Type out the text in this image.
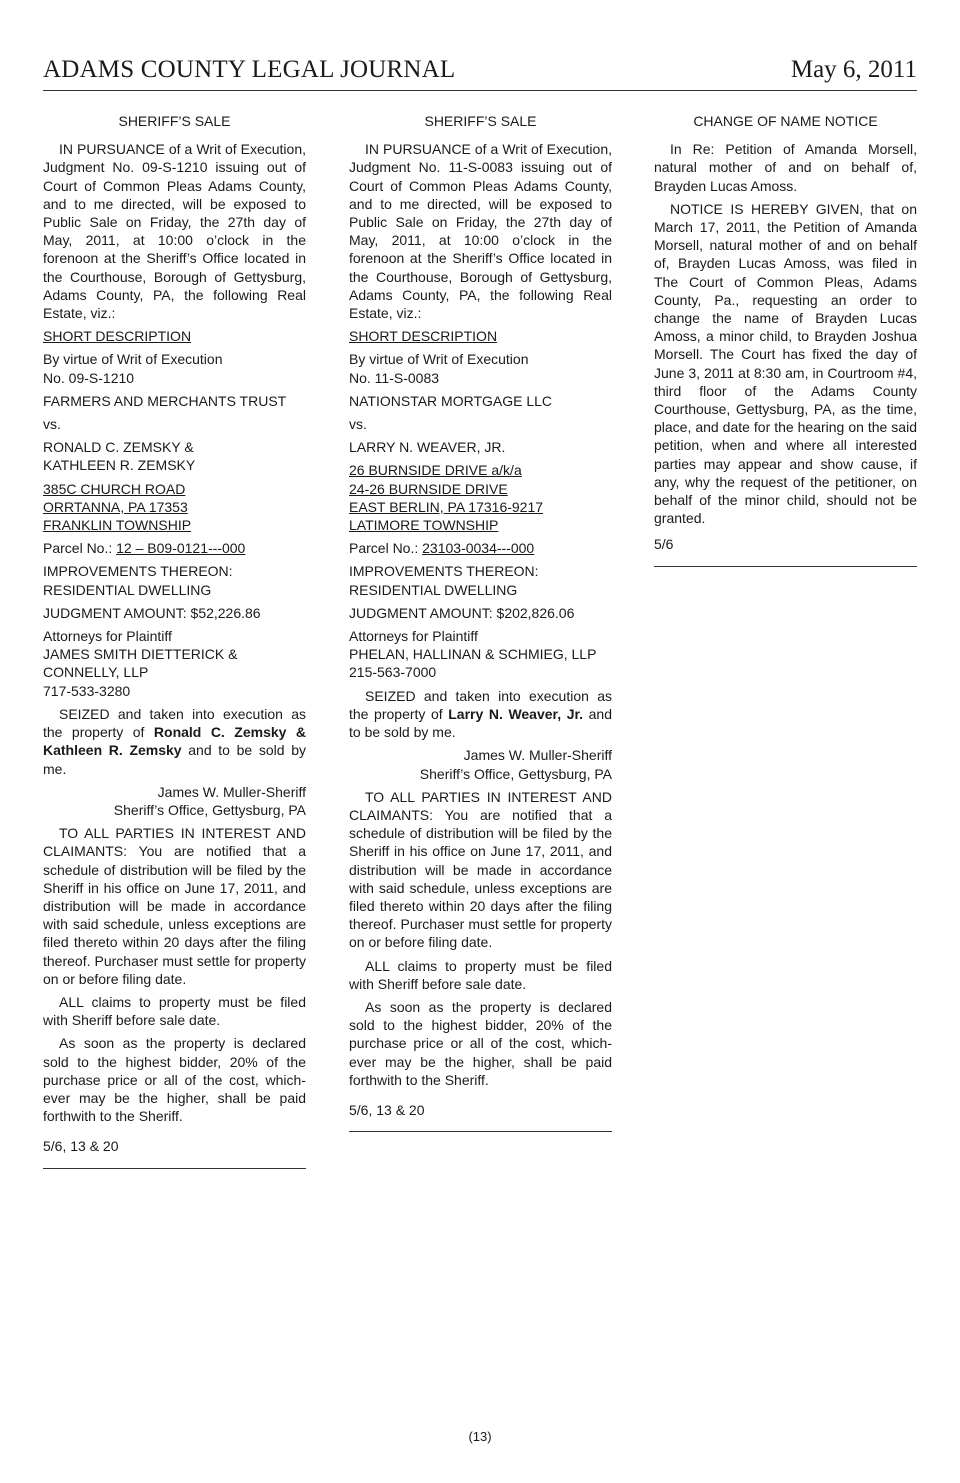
ADAMS COUNTY LEGAL JOURNAL	May 6, 2011

SHERIFF’S SALE

IN PURSUANCE of a Writ of Execution, Judgment No. 09-S-1210 issuing out of Court of Common Pleas Adams County, and to me directed, will be exposed to Public Sale on Friday, the 27th day of May, 2011, at 10:00 o’clock in the forenoon at the Sheriff’s Office located in the Courthouse, Borough of Gettysburg, Adams County, PA, the following Real Estate, viz.:

SHORT DESCRIPTION

By virtue of Writ of Execution
No. 09-S-1210

FARMERS AND MERCHANTS TRUST

vs.

RONALD C. ZEMSKY &
KATHLEEN R. ZEMSKY

385C CHURCH ROAD
ORRTANNA, PA 17353
FRANKLIN TOWNSHIP

Parcel No.: 12 – B09-0121---000

IMPROVEMENTS THEREON:
RESIDENTIAL DWELLING

JUDGMENT AMOUNT: $52,226.86

Attorneys for Plaintiff
JAMES SMITH DIETTERICK &
CONNELLY, LLP
717-533-3280

SEIZED and taken into execution as the property of Ronald C. Zemsky & Kathleen R. Zemsky and to be sold by me.

James W. Muller-Sheriff
Sheriff’s Office, Gettysburg, PA

TO ALL PARTIES IN INTEREST AND CLAIMANTS: You are notified that a schedule of distribution will be filed by the Sheriff in his office on June 17, 2011, and distribution will be made in accordance with said schedule, unless exceptions are filed thereto within 20 days after the filing thereof. Purchaser must settle for property on or before filing date.

ALL claims to property must be filed with Sheriff before sale date.

As soon as the property is declared sold to the highest bidder, 20% of the purchase price or all of the cost, whichever may be the higher, shall be paid forthwith to the Sheriff.

5/6, 13 & 20

SHERIFF’S SALE

IN PURSUANCE of a Writ of Execution, Judgment No. 11-S-0083 issuing out of Court of Common Pleas Adams County, and to me directed, will be exposed to Public Sale on Friday, the 27th day of May, 2011, at 10:00 o’clock in the forenoon at the Sheriff’s Office located in the Courthouse, Borough of Gettysburg, Adams County, PA, the following Real Estate, viz.:

SHORT DESCRIPTION

By virtue of Writ of Execution
No. 11-S-0083

NATIONSTAR MORTGAGE LLC

vs.

LARRY N. WEAVER, JR.

26 BURNSIDE DRIVE a/k/a
24-26 BURNSIDE DRIVE
EAST BERLIN, PA 17316-9217
LATIMORE TOWNSHIP

Parcel No.: 23103-0034---000

IMPROVEMENTS THEREON:
RESIDENTIAL DWELLING

JUDGMENT AMOUNT: $202,826.06

Attorneys for Plaintiff
PHELAN, HALLINAN & SCHMIEG, LLP
215-563-7000

SEIZED and taken into execution as the property of Larry N. Weaver, Jr. and to be sold by me.

James W. Muller-Sheriff
Sheriff’s Office, Gettysburg, PA

TO ALL PARTIES IN INTEREST AND CLAIMANTS: You are notified that a schedule of distribution will be filed by the Sheriff in his office on June 17, 2011, and distribution will be made in accordance with said schedule, unless exceptions are filed thereto within 20 days after the filing thereof. Purchaser must settle for property on or before filing date.

ALL claims to property must be filed with Sheriff before sale date.

As soon as the property is declared sold to the highest bidder, 20% of the purchase price or all of the cost, whichever may be the higher, shall be paid forthwith to the Sheriff.

5/6, 13 & 20

CHANGE OF NAME NOTICE

In Re: Petition of Amanda Morsell, natural mother of and on behalf of, Brayden Lucas Amoss.

NOTICE IS HEREBY GIVEN, that on March 17, 2011, the Petition of Amanda Morsell, natural mother of and on behalf of, Brayden Lucas Amoss, was filed in The Court of Common Pleas, Adams County, Pa., requesting an order to change the name of Brayden Lucas Amoss, a minor child, to Brayden Joshua Morsell. The Court has fixed the day of June 3, 2011 at 8:30 am, in Courtroom #4, third floor of the Adams County Courthouse, Gettysburg, PA, as the time, place, and date for the hearing on the said petition, when and where all interested parties may appear and show cause, if any, why the request of the petitioner, on behalf of the minor child, should not be granted.

5/6

(13)
